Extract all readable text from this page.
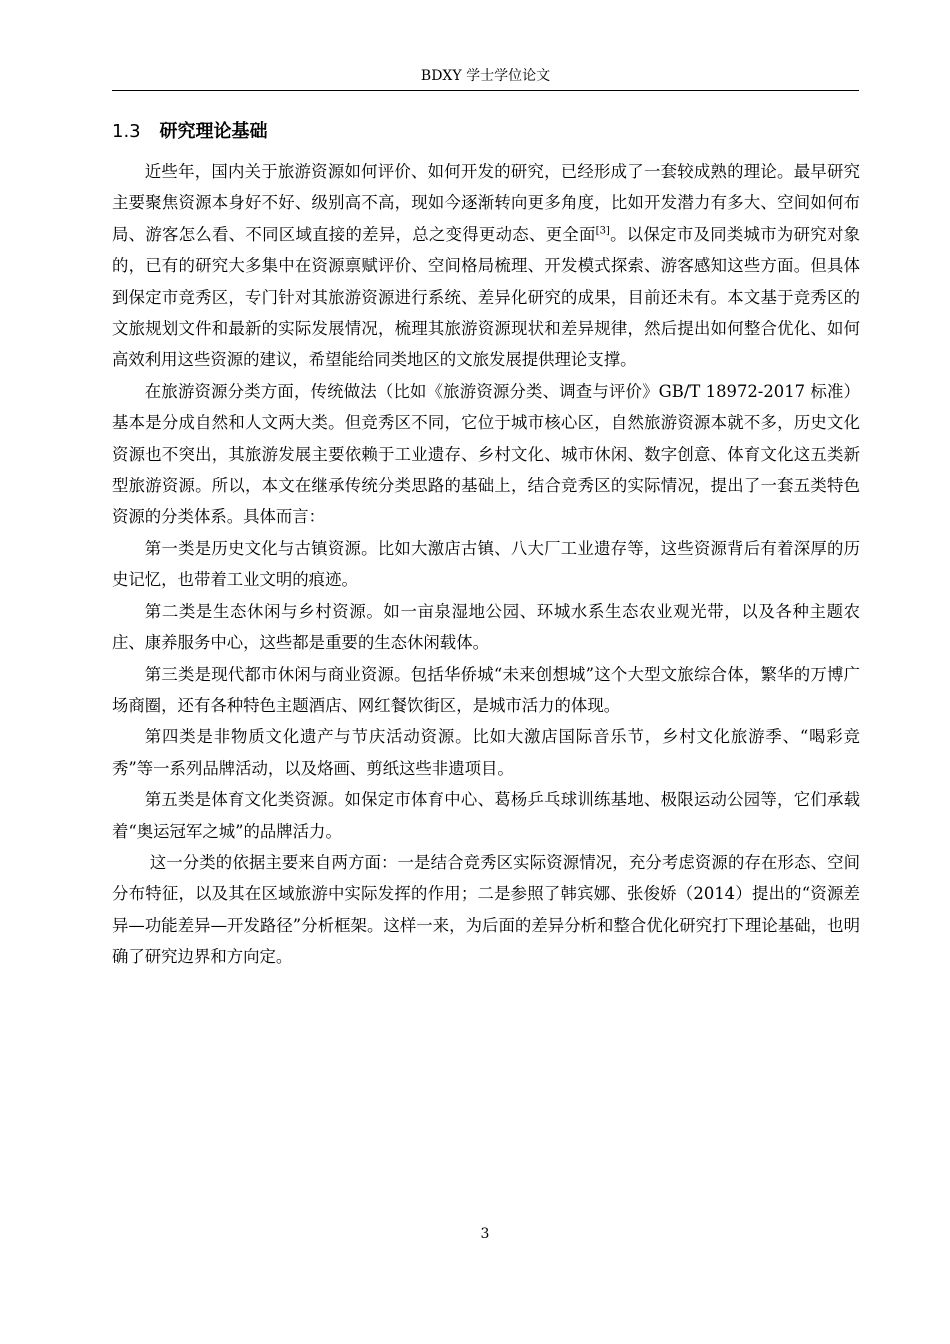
BDXY 学士学位论文
1.3 研究理论基础

近些年，国内关于旅游资源如何评价、如何开发的研究，已经形成了一套较成熟的理论。最早研究主要聚焦资源本身好不好、级别高不高，现如今逐渐转向更多角度，比如开发潜力有多大、空间如何布局、游客怎么看、不同区域直接的差异，总之变得更动态、更全面[3]。以保定市及同类城市为研究对象的，已有的研究大多集中在资源禀赋评价、空间格局梳理、开发模式探索、游客感知这些方面。但具体到保定市竞秀区，专门针对其旅游资源进行系统、差异化研究的成果，目前还未有。本文基于竞秀区的文旅规划文件和最新的实际发展情况，梳理其旅游资源现状和差异规律，然后提出如何整合优化、如何高效利用这些资源的建议，希望能给同类地区的文旅发展提供理论支撑。

在旅游资源分类方面，传统做法（比如《旅游资源分类、调查与评价》GB/T 18972-2017 标准）基本是分成自然和人文两大类。但竞秀区不同，它位于城市核心区，自然旅游资源本就不多，历史文化资源也不突出，其旅游发展主要依赖于工业遗存、乡村文化、城市休闲、数字创意、体育文化这五类新型旅游资源。所以，本文在继承传统分类思路的基础上，结合竞秀区的实际情况，提出了一套五类特色资源的分类体系。具体而言：

第一类是历史文化与古镇资源。比如大激店古镇、八大厂工业遗存等，这些资源背后有着深厚的历史记忆，也带着工业文明的痕迹。

第二类是生态休闲与乡村资源。如一亩泉湿地公园、环城水系生态农业观光带，以及各种主题农庄、康养服务中心，这些都是重要的生态休闲载体。

第三类是现代都市休闲与商业资源。包括华侨城“未来创想城”这个大型文旅综合体，繁华的万博广场商圈，还有各种特色主题酒店、网红餐饮街区，是城市活力的体现。

第四类是非物质文化遗产与节庆活动资源。比如大激店国际音乐节，乡村文化旅游季、“喝彩竞秀”等一系列品牌活动，以及烙画、剪纸这些非遗项目。

第五类是体育文化类资源。如保定市体育中心、葛杨乒乓球训练基地、极限运动公园等，它们承载着“奥运冠军之城”的品牌活力。

这一分类的依据主要来自两方面：一是结合竞秀区实际资源情况，充分考虑资源的存在形态、空间分布特征，以及其在区域旅游中实际发挥的作用；二是参照了韩宾娜、张俊娇（2014）提出的“资源差异—功能差异—开发路径”分析框架。这样一来，为后面的差异分析和整合优化研究打下理论基础，也明确了研究边界和方向定。

3
